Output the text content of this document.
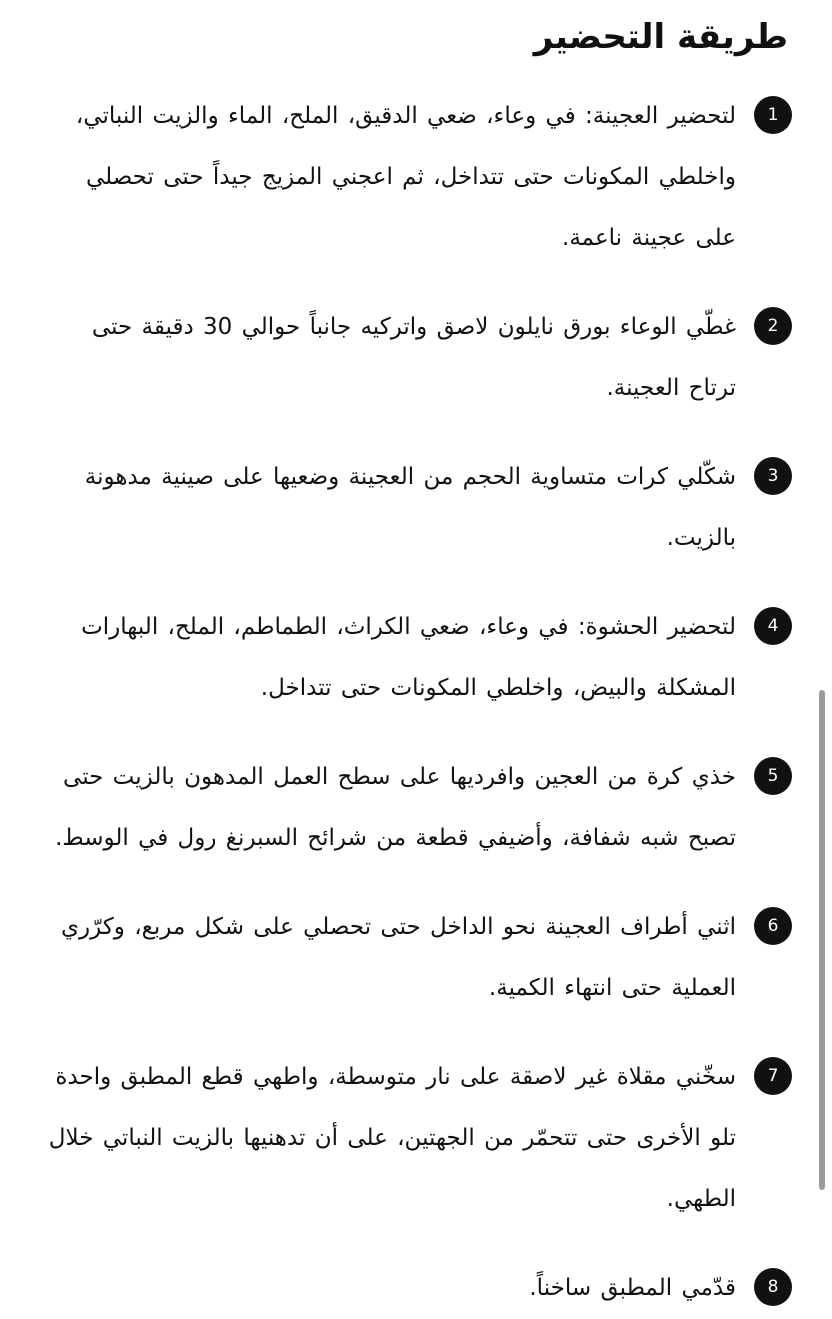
طريقة التحضير
1
لتحضير العجينة: في وعاء، ضعي الدقيق، الملح، الماء والزيت النباتي، واخلطي المكونات حتى تتداخل، ثم اعجني المزيج جيداً حتى تحصلي على عجينة ناعمة.
2
غطّي الوعاء بورق نايلون لاصق واتركيه جانباً حوالي 30 دقيقة حتى ترتاح العجينة.
3
شكّلي كرات متساوية الحجم من العجينة وضعيها على صينية مدهونة بالزيت.
4
لتحضير الحشوة: في وعاء، ضعي الكراث، الطماطم، الملح، البهارات المشكلة والبيض، واخلطي المكونات حتى تتداخل.
5
خذي كرة من العجين وافرديها على سطح العمل المدهون بالزيت حتى تصبح شبه شفافة، وأضيفي قطعة من شرائح السبرنغ رول في الوسط.
6
اثني أطراف العجينة نحو الداخل حتى تحصلي على شكل مربع، وكرّري العملية حتى انتهاء الكمية.
7
سخّني مقلاة غير لاصقة على نار متوسطة، واطهي قطع المطبق واحدة تلو الأخرى حتى تتحمّر من الجهتين، على أن تدهنيها بالزيت النباتي خلال الطهي.
8
قدّمي المطبق ساخناً.
